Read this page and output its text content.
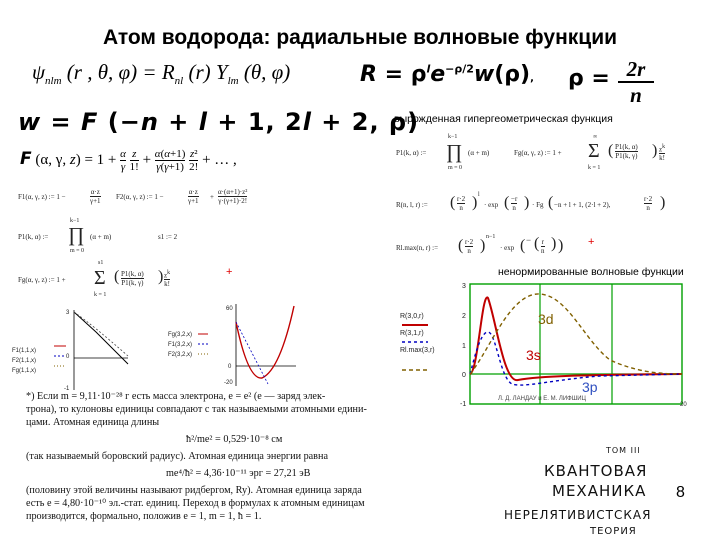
Атом водорода: радиальные волновые функции
$\psi_{nlm}$ (r , θ, $\varphi) = R_{nl}$ (r) $\Upsilon_{lm}$ (θ, φ)	$R = \rho^le^{-\rho/2}w(\rho)$, ρ = 2r
n
w = F (−n + l + 1, 2l + 2, ρ)
F (α, γ, $z) = 1 + \frac{\alpha}{\gamma} \frac{z}{1!} + \alpha(\alpha+1)$

γ(γ+1)
z²

2! + … ,
вырожденная гипергеометрическая функция
P1(k, α) :=
k−1
∏
m = 0
(α + m)	Fg(α, γ, z) := 1 +
∞
Σ
k = 1
( P1(k, α)
P1(k, γ) ) $z^k$
k!
R(n, l, r) := ( r·2
n ) l
· exp ( −r
n ) · Fg ( −n + l + 1, (2·l + 2),
r·2
n )
Rl.max(n, r) := ( r·2
n ) n−1
· exp ( − ( r
n ) ) +
ненормированные волновые функции
F1(α, γ, z) := 1 −
α·z
γ+1 F2(α, γ, z) := 1 −
α·z
γ+1 +
α·(α+1)·z²
γ·(γ+1)·2!
P1(k, α) :=
k−1
∏
m = 0
(α + m)	s1 := 2
Fg(α, γ, z) := 1 +
s1
Σ
k = 1
( P1(k, α)
P1(k, γ) ) $z^k$
k!
+
F1(1,1,x)
F2(1,1,x)
Fg(1,1,x)
3
0
-1
Fg(3,2,x)
F1(3,2,x)
F2(3,2,x)
60
0
-20
R(3,0,r)
R(3,1,r)
Rl.max(3,r)
3
2
1
0
-1	20
3d
3s
3p
Л. Д. ЛАНДАУ и Е. М. ЛИФШИЦ
*) Если m = 9,11·10⁻²⁸ г есть масса электрона, e = e² (e — заряд элек-
трона), то кулоновы единицы совпадают с так называемыми атомными едини-
цами. Атомная единица длины
ħ²/me² = 0,529·10⁻⁸ см
(так называемый боровский радиус). Атомная единица энергии равна
me⁴/ħ² = 4,36·10⁻¹¹ эрг = 27,21 эВ
(половину этой величины называют ридбергом, Ry). Атомная единица заряда
есть e = 4,80·10⁻¹⁰ эл.-стат. единиц. Переход в формулах к атомным единицам
производится, формально, положив e = 1, m = 1, ħ = 1.
ТОМ III
КВАНТОВАЯ
МЕХАНИКА
НЕРЕЛЯТИВИСТСКАЯ
ТЕОРИЯ
8
